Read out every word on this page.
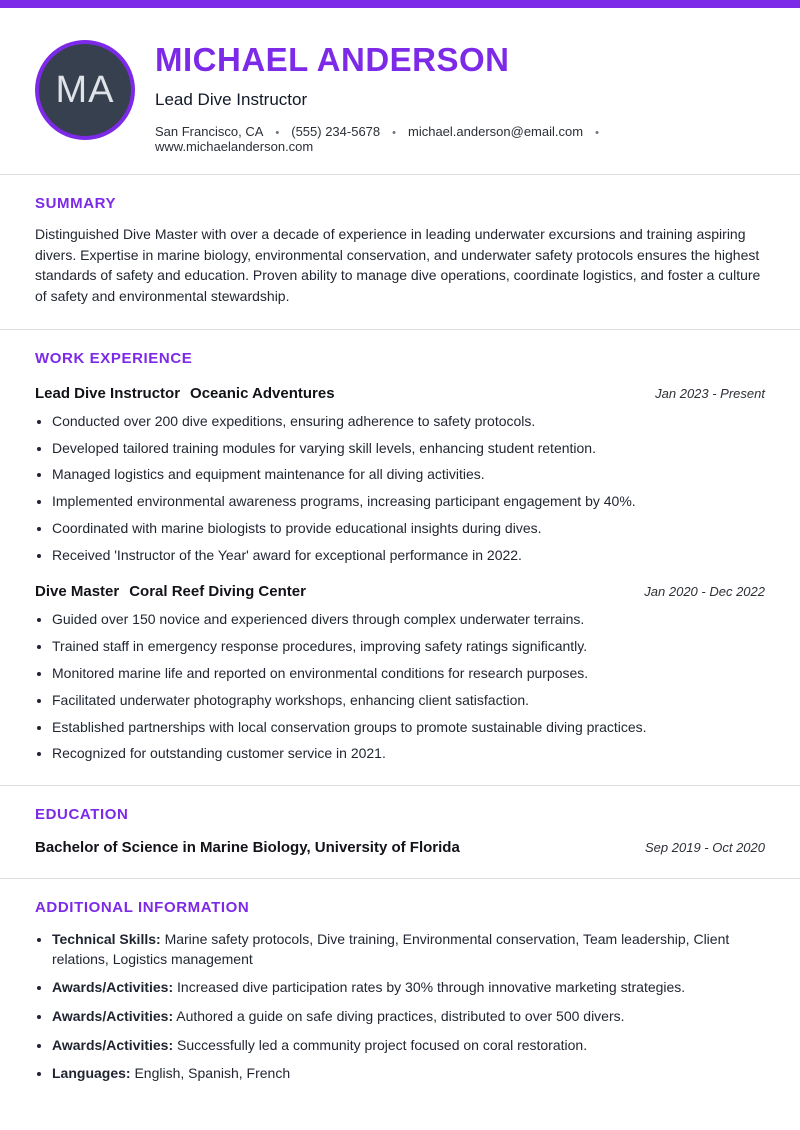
MA
MICHAEL ANDERSON
Lead Dive Instructor
San Francisco, CA •	(555) 234-5678 •	michael.anderson@email.com •
www.michaelanderson.com
SUMMARY

Distinguished Dive Master with over a decade of experience in leading underwater excursions and training aspiring divers. Expertise in marine biology, environmental conservation, and underwater safety protocols ensures the highest standards of safety and education. Proven ability to manage dive operations, coordinate logistics, and foster a culture of safety and environmental stewardship.

WORK EXPERIENCE
Lead Dive Instructor Oceanic Adventures	Jan 2023 - Present
• Conducted over 200 dive expeditions, ensuring adherence to safety protocols.
• Developed tailored training modules for varying skill levels, enhancing student retention.
• Managed logistics and equipment maintenance for all diving activities.
• Implemented environmental awareness programs, increasing participant engagement by 40%.
• Coordinated with marine biologists to provide educational insights during dives.
• Received 'Instructor of the Year' award for exceptional performance in 2022.
Dive Master Coral Reef Diving Center	Jan 2020 - Dec 2022
• Guided over 150 novice and experienced divers through complex underwater terrains.
• Trained staff in emergency response procedures, improving safety ratings significantly.
• Monitored marine life and reported on environmental conditions for research purposes.
• Facilitated underwater photography workshops, enhancing client satisfaction.
• Established partnerships with local conservation groups to promote sustainable diving practices.
• Recognized for outstanding customer service in 2021.
EDUCATION
Bachelor of Science in Marine Biology, University of Florida	Sep 2019 - Oct 2020
ADDITIONAL INFORMATION
• Technical Skills: Marine safety protocols, Dive training, Environmental conservation, Team leadership, Client relations, Logistics management
• Awards/Activities: Increased dive participation rates by 30% through innovative marketing strategies.
• Awards/Activities: Authored a guide on safe diving practices, distributed to over 500 divers.
• Awards/Activities: Successfully led a community project focused on coral restoration.
• Languages: English, Spanish, French
